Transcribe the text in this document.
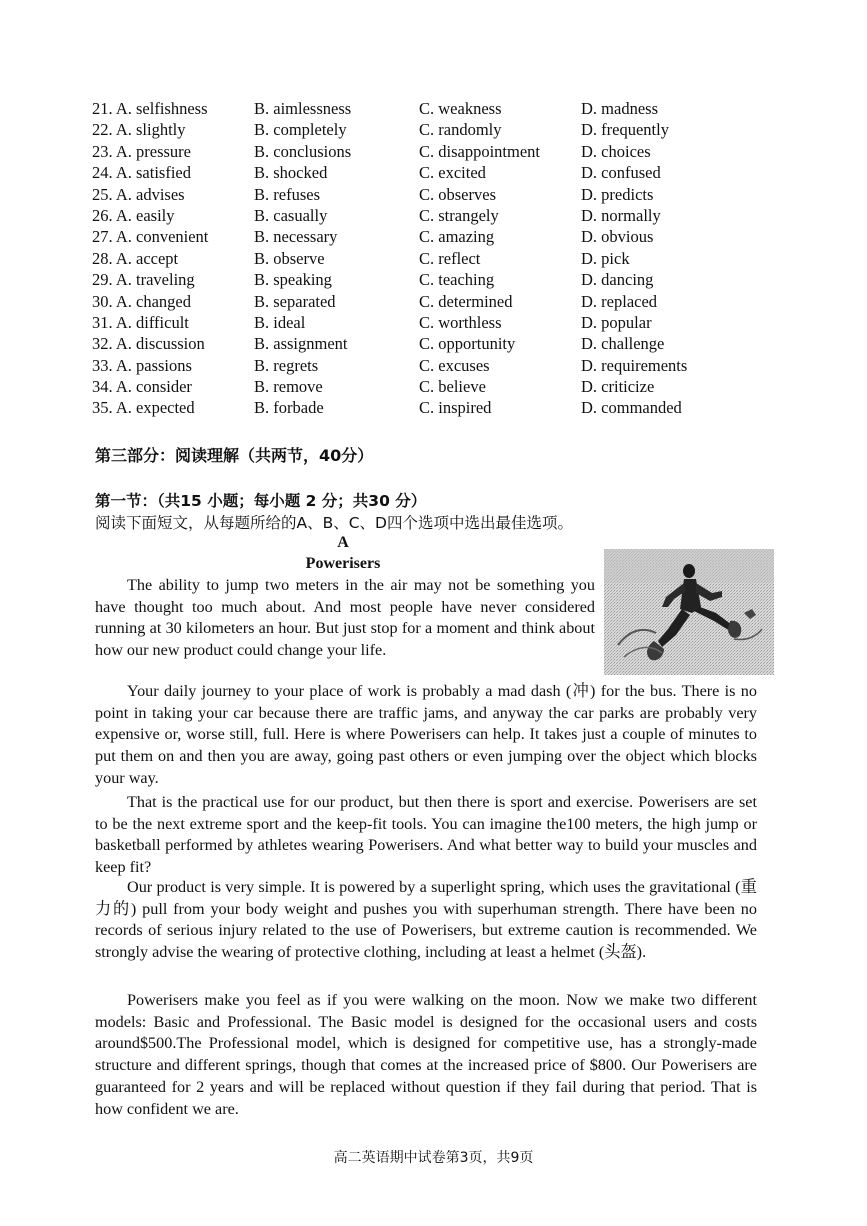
21. A. selfishness	B. aimlessness	C. weakness	D. madness
22. A. slightly	B. completely	C. randomly	D. frequently
23. A. pressure	B. conclusions	C. disappointment D. choices
24. A. satisfied	B. shocked	C. excited	D. confused
25. A. advises	B. refuses	C. observes	D. predicts
26. A. easily	B. casually	C. strangely	D. normally
27. A. convenient	B. necessary	C. amazing	D. obvious
28. A. accept	B. observe	C. reflect	D. pick
29. A. traveling	B. speaking	C. teaching	D. dancing
30. A. changed	B. separated	C. determined	D. replaced
31. A. difficult	B. ideal	C. worthless	D. popular
32. A. discussion	B. assignment	C. opportunity	D. challenge
33. A. passions	B. regrets	C. excuses	D. requirements
34. A. consider	B. remove	C. believe	D. criticize
35. A. expected	B. forbade	C. inspired	D. commanded
第三部分：阅读理解（共两节，40分）
第一节：（共15 小题；每小题 2 分；共30 分）
阅读下面短文，从每题所给的A、B、C、D四个选项中选出最佳选项。
A
Powerisers

The ability to jump two meters in the air may not be something you have thought too much about. And most people have never considered running at 30 kilometers an hour. But just stop for a moment and think about how our new product could change your life.

Your daily journey to your place of work is probably a mad dash (冲) for the bus. There is no point in taking your car because there are traffic jams, and anyway the car parks are probably very expensive or, worse still, full. Here is where Powerisers can help. It takes just a couple of minutes to put them on and then you are away, going past others or even jumping over the object which blocks your way.

That is the practical use for our product, but then there is sport and exercise. Powerisers are set to be the next extreme sport and the keep-fit tools. You can imagine the100 meters, the high jump or basketball performed by athletes wearing Powerisers. And what better way to build your muscles and keep fit?

Our product is very simple. It is powered by a superlight spring, which uses the gravitational (重力的) pull from your body weight and pushes you with superhuman strength. There have been no records of serious injury related to the use of Powerisers, but extreme caution is recommended. We strongly advise the wearing of protective clothing, including at least a helmet (头盔).

Powerisers make you feel as if you were walking on the moon. Now we make two different models: Basic and Professional. The Basic model is designed for the occasional users and costs around$500.The Professional model, which is designed for competitive use, has a strongly-made structure and different springs, though that comes at the increased price of $800. Our Powerisers are guaranteed for 2 years and will be replaced without question if they fail during that period. That is how confident we are.

高二英语期中试卷第3页，共9页
